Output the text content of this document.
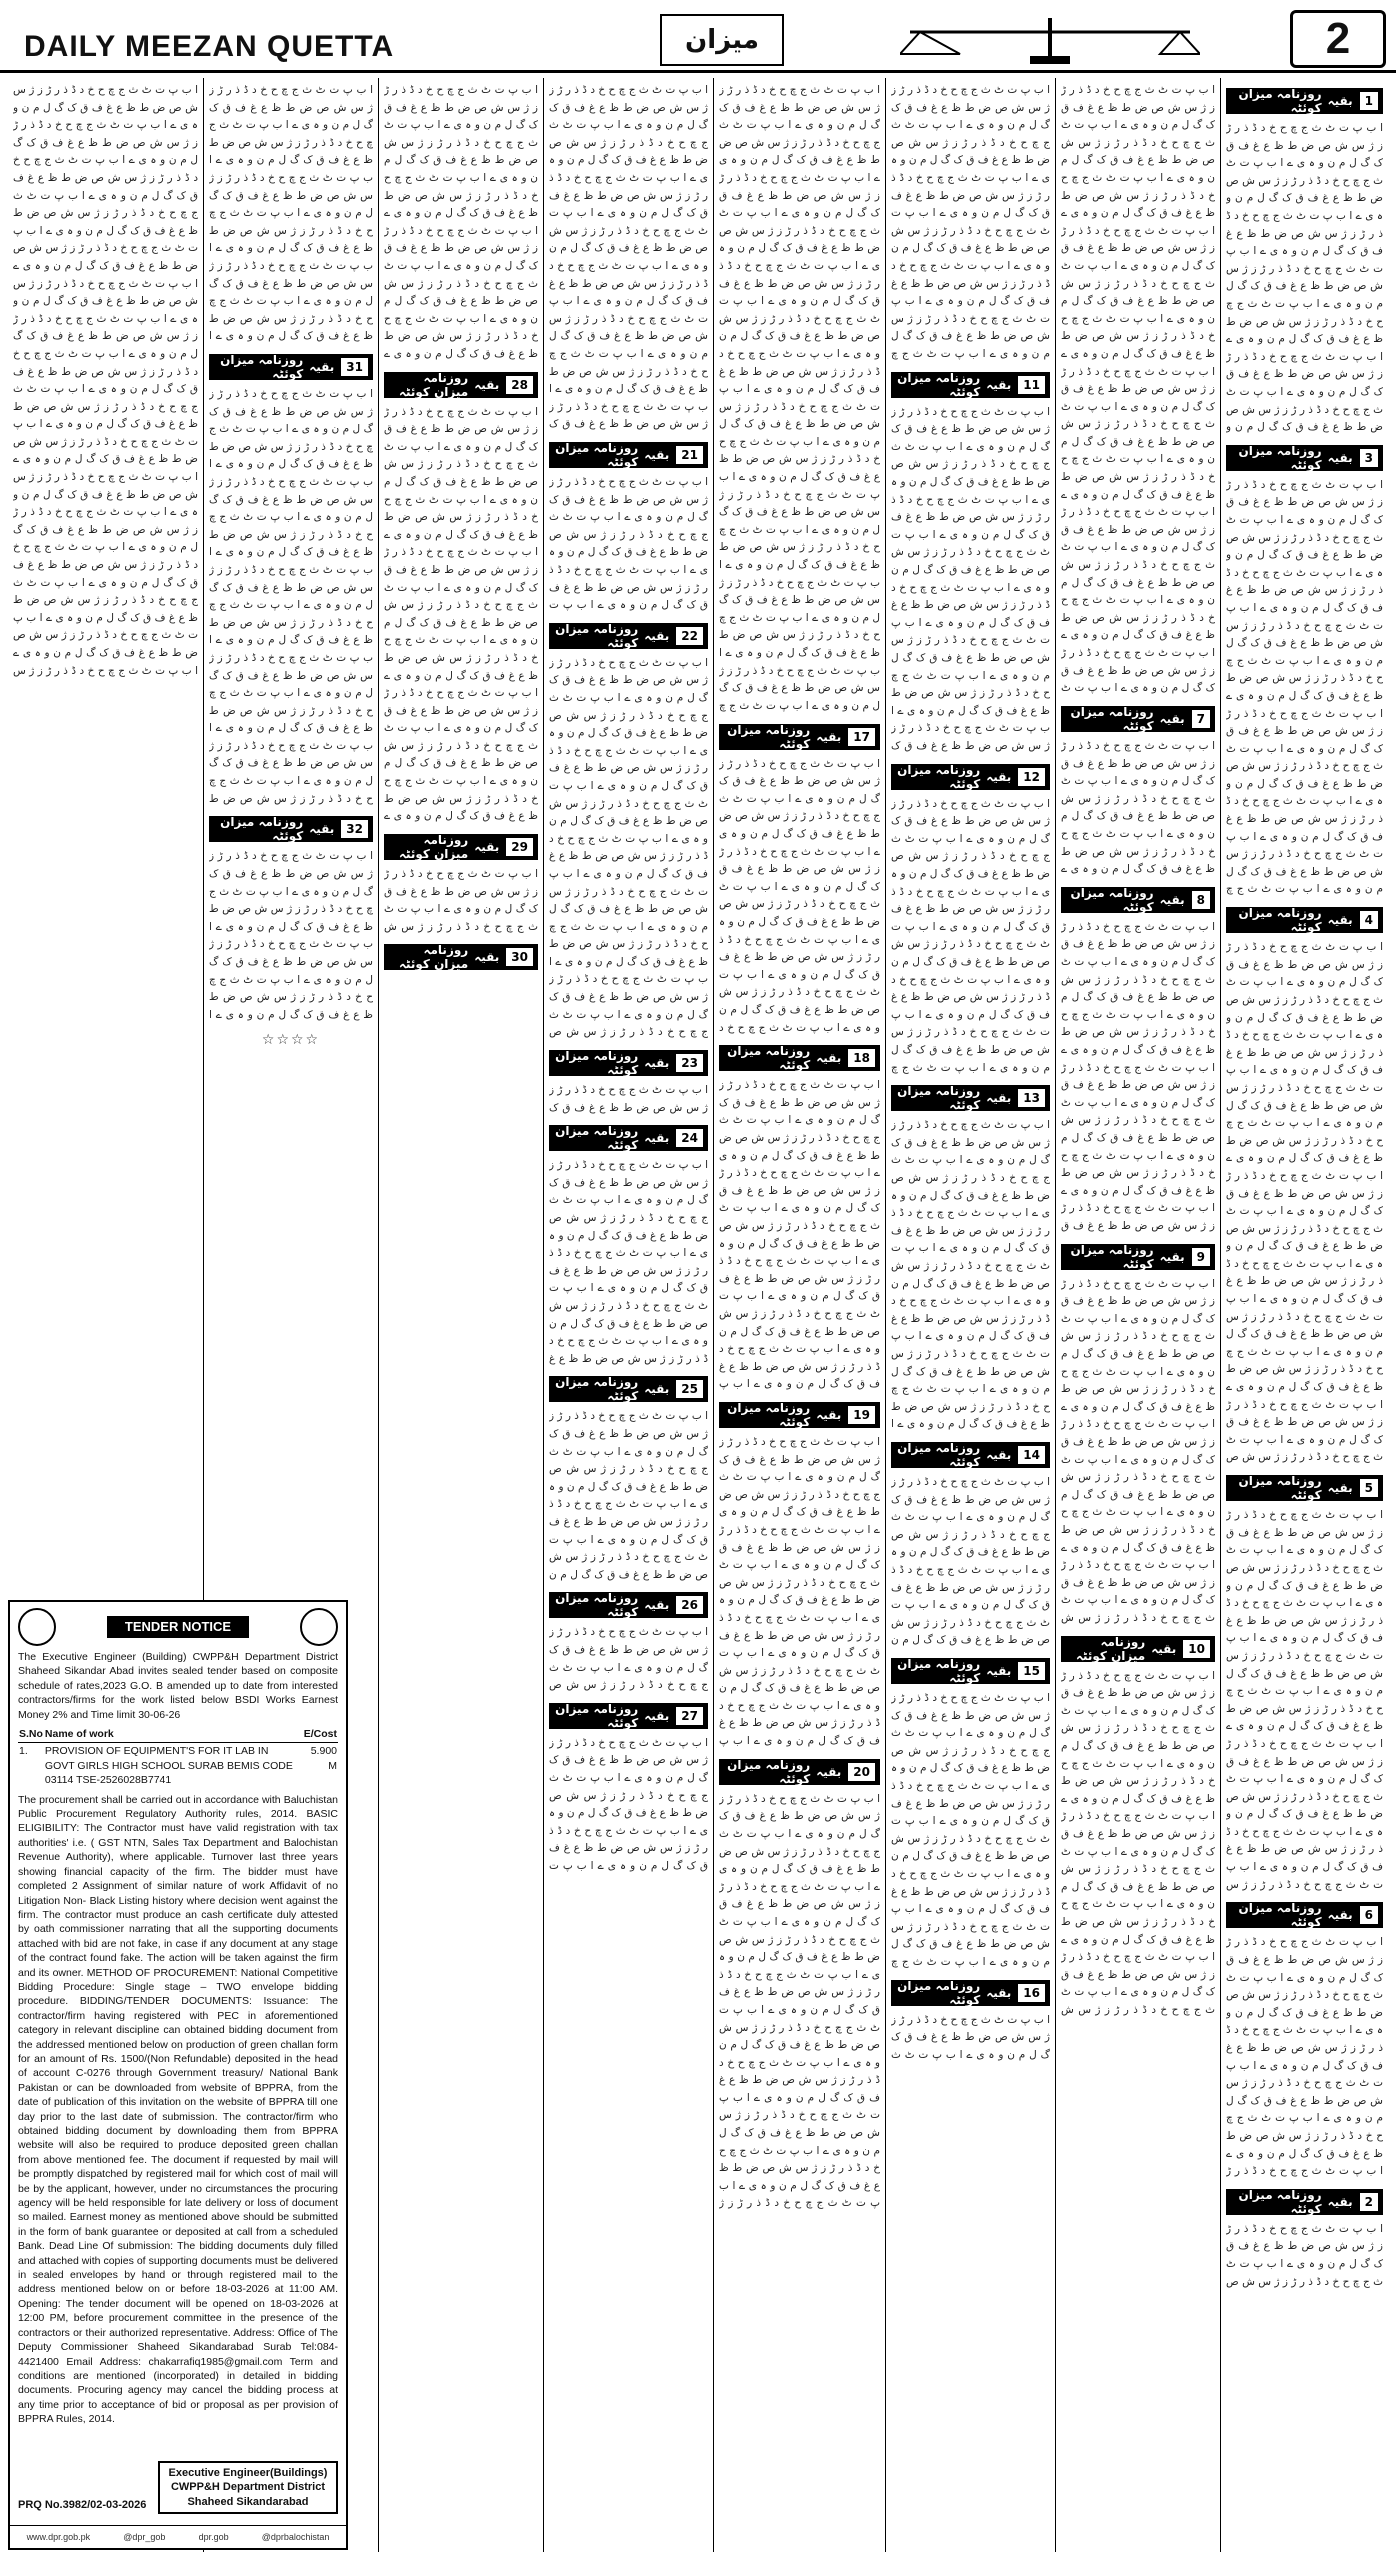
DAILY MEEZAN QUETTA	میزان	2
1
بقیہ
روزنامہ میزان کوئٹہ
ا ب پ ت ٹ ث ج چ ح خ د ڈ ذ ر ڑ ز ژ س ش ص ض ط ظ ع غ ف ق ک گ ل م ن و ہ ی ے ا ب پ ت ٹ ث ج چ ح خ د ڈ ذ ر ڑ ز ژ س ش ص ض ط ظ ع غ ف ق ک گ ل م ن و ہ ی ے ا ب پ ت ٹ ث ج چ ح خ د ڈ ذ ر ڑ ز ژ س ش ص ض ط ظ ع غ ف ق ک گ ل م ن و ہ ی ے ا ب پ ت ٹ ث ج چ ح خ د ڈ ذ ر ڑ ز ژ س ش ص ض ط ظ ع غ ف ق ک گ ل م ن و ہ ی ے ا ب پ ت ٹ ث ج چ ح خ د ڈ ذ ر ڑ ز ژ س ش ص ض ط ظ ع غ ف ق ک گ ل م ن و ہ ی ے ا ب پ ت ٹ ث ج چ ح خ د ڈ ذ ر ڑ ز ژ س ش ص ض ط ظ ع غ ف ق ک گ ل م ن و ہ ی ے ا ب پ ت ٹ ث ج چ ح خ د ڈ ذ ر ڑ ز ژ س ش ص ض ط ظ ع غ ف ق ک گ ل م ن و
3
بقیہ
روزنامہ میزان کوئٹہ
ا ب پ ت ٹ ث ج چ ح خ د ڈ ذ ر ڑ ز ژ س ش ص ض ط ظ ع غ ف ق ک گ ل م ن و ہ ی ے ا ب پ ت ٹ ث ج چ ح خ د ڈ ذ ر ڑ ز ژ س ش ص ض ط ظ ع غ ف ق ک گ ل م ن و ہ ی ے ا ب پ ت ٹ ث ج چ ح خ د ڈ ذ ر ڑ ز ژ س ش ص ض ط ظ ع غ ف ق ک گ ل م ن و ہ ی ے ا ب پ ت ٹ ث ج چ ح خ د ڈ ذ ر ڑ ز ژ س ش ص ض ط ظ ع غ ف ق ک گ ل م ن و ہ ی ے ا ب پ ت ٹ ث ج چ ح خ د ڈ ذ ر ڑ ز ژ س ش ص ض ط ظ ع غ ف ق ک گ ل م ن و ہ ی ے ا ب پ ت ٹ ث ج چ ح خ د ڈ ذ ر ڑ ز ژ س ش ص ض ط ظ ع غ ف ق ک گ ل م ن و ہ ی ے ا ب پ ت ٹ ث ج چ ح خ د ڈ ذ ر ڑ ز ژ س ش ص ض ط ظ ع غ ف ق ک گ ل م ن و ہ ی ے ا ب پ ت ٹ ث ج چ ح خ د ڈ ذ ر ڑ ز ژ س ش ص ض ط ظ ع غ ف ق ک گ ل م ن و ہ ی ے ا ب پ ت ٹ ث ج چ ح خ د ڈ ذ ر ڑ ز ژ س ش ص ض ط ظ ع غ ف ق ک گ ل م ن و ہ ی ے ا ب پ ت ٹ ث ج چ
4
بقیہ
روزنامہ میزان کوئٹہ
ا ب پ ت ٹ ث ج چ ح خ د ڈ ذ ر ڑ ز ژ س ش ص ض ط ظ ع غ ف ق ک گ ل م ن و ہ ی ے ا ب پ ت ٹ ث ج چ ح خ د ڈ ذ ر ڑ ز ژ س ش ص ض ط ظ ع غ ف ق ک گ ل م ن و ہ ی ے ا ب پ ت ٹ ث ج چ ح خ د ڈ ذ ر ڑ ز ژ س ش ص ض ط ظ ع غ ف ق ک گ ل م ن و ہ ی ے ا ب پ ت ٹ ث ج چ ح خ د ڈ ذ ر ڑ ز ژ س ش ص ض ط ظ ع غ ف ق ک گ ل م ن و ہ ی ے ا ب پ ت ٹ ث ج چ ح خ د ڈ ذ ر ڑ ز ژ س ش ص ض ط ظ ع غ ف ق ک گ ل م ن و ہ ی ے ا ب پ ت ٹ ث ج چ ح خ د ڈ ذ ر ڑ ز ژ س ش ص ض ط ظ ع غ ف ق ک گ ل م ن و ہ ی ے ا ب پ ت ٹ ث ج چ ح خ د ڈ ذ ر ڑ ز ژ س ش ص ض ط ظ ع غ ف ق ک گ ل م ن و ہ ی ے ا ب پ ت ٹ ث ج چ ح خ د ڈ ذ ر ڑ ز ژ س ش ص ض ط ظ ع غ ف ق ک گ ل م ن و ہ ی ے ا ب پ ت ٹ ث ج چ ح خ د ڈ ذ ر ڑ ز ژ س ش ص ض ط ظ ع غ ف ق ک گ ل م ن و ہ ی ے ا ب پ ت ٹ ث ج چ ح خ د ڈ ذ ر ڑ ز ژ س ش ص ض ط ظ ع غ ف ق ک گ ل م ن و ہ ی ے ا ب پ ت ٹ ث ج چ ح خ د ڈ ذ ر ڑ ز ژ س ش ص ض ط ظ ع غ ف ق ک گ ل م ن و ہ ی ے ا ب پ ت ٹ ث ج چ ح خ د ڈ ذ ر ڑ ز ژ س ش ص
5
بقیہ
روزنامہ میزان کوئٹہ
ا ب پ ت ٹ ث ج چ ح خ د ڈ ذ ر ڑ ز ژ س ش ص ض ط ظ ع غ ف ق ک گ ل م ن و ہ ی ے ا ب پ ت ٹ ث ج چ ح خ د ڈ ذ ر ڑ ز ژ س ش ص ض ط ظ ع غ ف ق ک گ ل م ن و ہ ی ے ا ب پ ت ٹ ث ج چ ح خ د ڈ ذ ر ڑ ز ژ س ش ص ض ط ظ ع غ ف ق ک گ ل م ن و ہ ی ے ا ب پ ت ٹ ث ج چ ح خ د ڈ ذ ر ڑ ز ژ س ش ص ض ط ظ ع غ ف ق ک گ ل م ن و ہ ی ے ا ب پ ت ٹ ث ج چ ح خ د ڈ ذ ر ڑ ز ژ س ش ص ض ط ظ ع غ ف ق ک گ ل م ن و ہ ی ے ا ب پ ت ٹ ث ج چ ح خ د ڈ ذ ر ڑ ز ژ س ش ص ض ط ظ ع غ ف ق ک گ ل م ن و ہ ی ے ا ب پ ت ٹ ث ج چ ح خ د ڈ ذ ر ڑ ز ژ س ش ص ض ط ظ ع غ ف ق ک گ ل م ن و ہ ی ے ا ب پ ت ٹ ث ج چ ح خ د ڈ ذ ر ڑ ز ژ س ش ص ض ط ظ ع غ ف ق ک گ ل م ن و ہ ی ے ا ب پ ت ٹ ث ج چ ح خ د ڈ ذ ر ڑ ز ژ س
6
بقیہ
روزنامہ میزان کوئٹہ
ا ب پ ت ٹ ث ج چ ح خ د ڈ ذ ر ڑ ز ژ س ش ص ض ط ظ ع غ ف ق ک گ ل م ن و ہ ی ے ا ب پ ت ٹ ث ج چ ح خ د ڈ ذ ر ڑ ز ژ س ش ص ض ط ظ ع غ ف ق ک گ ل م ن و ہ ی ے ا ب پ ت ٹ ث ج چ ح خ د ڈ ذ ر ڑ ز ژ س ش ص ض ط ظ ع غ ف ق ک گ ل م ن و ہ ی ے ا ب پ ت ٹ ث ج چ ح خ د ڈ ذ ر ڑ ز ژ س ش ص ض ط ظ ع غ ف ق ک گ ل م ن و ہ ی ے ا ب پ ت ٹ ث ج چ ح خ د ڈ ذ ر ڑ ز ژ س ش ص ض ط ظ ع غ ف ق ک گ ل م ن و ہ ی ے ا ب پ ت ٹ ث ج چ ح خ د ڈ ذ ر ڑ
2
بقیہ
روزنامہ میزان کوئٹہ
ا ب پ ت ٹ ث ج چ ح خ د ڈ ذ ر ڑ ز ژ س ش ص ض ط ظ ع غ ف ق ک گ ل م ن و ہ ی ے ا ب پ ت ٹ ث ج چ ح خ د ڈ ذ ر ڑ ز ژ س ش ص
ا ب پ ت ٹ ث ج چ ح خ د ڈ ذ ر ڑ ز ژ س ش ص ض ط ظ ع غ ف ق ک گ ل م ن و ہ ی ے ا ب پ ت ٹ ث ج چ ح خ د ڈ ذ ر ڑ ز ژ س ش ص ض ط ظ ع غ ف ق ک گ ل م ن و ہ ی ے ا ب پ ت ٹ ث ج چ ح خ د ڈ ذ ر ڑ ز ژ س ش ص ض ط ظ ع غ ف ق ک گ ل م ن و ہ ی ے ا ب پ ت ٹ ث ج چ ح خ د ڈ ذ ر ڑ ز ژ س ش ص ض ط ظ ع غ ف ق ک گ ل م ن و ہ ی ے ا ب پ ت ٹ ث ج چ ح خ د ڈ ذ ر ڑ ز ژ س ش ص ض ط ظ ع غ ف ق ک گ ل م ن و ہ ی ے ا ب پ ت ٹ ث ج چ ح خ د ڈ ذ ر ڑ ز ژ س ش ص ض ط ظ ع غ ف ق ک گ ل م ن و ہ ی ے ا ب پ ت ٹ ث ج چ ح خ د ڈ ذ ر ڑ ز ژ س ش ص ض ط ظ ع غ ف ق ک گ ل م ن و ہ ی ے ا ب پ ت ٹ ث ج چ ح خ د ڈ ذ ر ڑ ز ژ س ش ص ض ط ظ ع غ ف ق ک گ ل م ن و ہ ی ے ا ب پ ت ٹ ث ج چ ح خ د ڈ ذ ر ڑ ز ژ س ش ص ض ط ظ ع غ ف ق ک گ ل م ن و ہ ی ے ا ب پ ت ٹ ث ج چ ح خ د ڈ ذ ر ڑ ز ژ س ش ص ض ط ظ ع غ ف ق ک گ ل م ن و ہ ی ے ا ب پ ت ٹ ث ج چ ح خ د ڈ ذ ر ڑ ز ژ س ش ص ض ط ظ ع غ ف ق ک گ ل م ن و ہ ی ے ا ب پ ت ٹ ث ج چ ح خ د ڈ ذ ر ڑ ز ژ س ش ص ض ط ظ ع غ ف ق ک گ ل م ن و ہ ی ے ا ب پ ت ٹ ث ج چ ح خ د ڈ ذ ر ڑ ز ژ س ش ص ض ط ظ ع غ ف ق ک گ ل م ن و ہ ی ے ا ب پ ت ٹ
7
بقیہ
روزنامہ میزان کوئٹہ
ا ب پ ت ٹ ث ج چ ح خ د ڈ ذ ر ڑ ز ژ س ش ص ض ط ظ ع غ ف ق ک گ ل م ن و ہ ی ے ا ب پ ت ٹ ث ج چ ح خ د ڈ ذ ر ڑ ز ژ س ش ص ض ط ظ ع غ ف ق ک گ ل م ن و ہ ی ے ا ب پ ت ٹ ث ج چ ح خ د ڈ ذ ر ڑ ز ژ س ش ص ض ط ظ ع غ ف ق ک گ ل م ن و ہ ی ے
8
بقیہ
روزنامہ میزان کوئٹہ
ا ب پ ت ٹ ث ج چ ح خ د ڈ ذ ر ڑ ز ژ س ش ص ض ط ظ ع غ ف ق ک گ ل م ن و ہ ی ے ا ب پ ت ٹ ث ج چ ح خ د ڈ ذ ر ڑ ز ژ س ش ص ض ط ظ ع غ ف ق ک گ ل م ن و ہ ی ے ا ب پ ت ٹ ث ج چ ح خ د ڈ ذ ر ڑ ز ژ س ش ص ض ط ظ ع غ ف ق ک گ ل م ن و ہ ی ے ا ب پ ت ٹ ث ج چ ح خ د ڈ ذ ر ڑ ز ژ س ش ص ض ط ظ ع غ ف ق ک گ ل م ن و ہ ی ے ا ب پ ت ٹ ث ج چ ح خ د ڈ ذ ر ڑ ز ژ س ش ص ض ط ظ ع غ ف ق ک گ ل م ن و ہ ی ے ا ب پ ت ٹ ث ج چ ح خ د ڈ ذ ر ڑ ز ژ س ش ص ض ط ظ ع غ ف ق ک گ ل م ن و ہ ی ے ا ب پ ت ٹ ث ج چ ح خ د ڈ ذ ر ڑ ز ژ س ش ص ض ط ظ ع غ ف ق
9
بقیہ
روزنامہ میزان کوئٹہ
ا ب پ ت ٹ ث ج چ ح خ د ڈ ذ ر ڑ ز ژ س ش ص ض ط ظ ع غ ف ق ک گ ل م ن و ہ ی ے ا ب پ ت ٹ ث ج چ ح خ د ڈ ذ ر ڑ ز ژ س ش ص ض ط ظ ع غ ف ق ک گ ل م ن و ہ ی ے ا ب پ ت ٹ ث ج چ ح خ د ڈ ذ ر ڑ ز ژ س ش ص ض ط ظ ع غ ف ق ک گ ل م ن و ہ ی ے ا ب پ ت ٹ ث ج چ ح خ د ڈ ذ ر ڑ ز ژ س ش ص ض ط ظ ع غ ف ق ک گ ل م ن و ہ ی ے ا ب پ ت ٹ ث ج چ ح خ د ڈ ذ ر ڑ ز ژ س ش ص ض ط ظ ع غ ف ق ک گ ل م ن و ہ ی ے ا ب پ ت ٹ ث ج چ ح خ د ڈ ذ ر ڑ ز ژ س ش ص ض ط ظ ع غ ف ق ک گ ل م ن و ہ ی ے ا ب پ ت ٹ ث ج چ ح خ د ڈ ذ ر ڑ ز ژ س ش ص ض ط ظ ع غ ف ق ک گ ل م ن و ہ ی ے ا ب پ ت ٹ ث ج چ ح خ د ڈ ذ ر ڑ ز ژ س ش
10
بقیہ
روزنامہ میزان کوئٹہ
ا ب پ ت ٹ ث ج چ ح خ د ڈ ذ ر ڑ ز ژ س ش ص ض ط ظ ع غ ف ق ک گ ل م ن و ہ ی ے ا ب پ ت ٹ ث ج چ ح خ د ڈ ذ ر ڑ ز ژ س ش ص ض ط ظ ع غ ف ق ک گ ل م ن و ہ ی ے ا ب پ ت ٹ ث ج چ ح خ د ڈ ذ ر ڑ ز ژ س ش ص ض ط ظ ع غ ف ق ک گ ل م ن و ہ ی ے ا ب پ ت ٹ ث ج چ ح خ د ڈ ذ ر ڑ ز ژ س ش ص ض ط ظ ع غ ف ق ک گ ل م ن و ہ ی ے ا ب پ ت ٹ ث ج چ ح خ د ڈ ذ ر ڑ ز ژ س ش ص ض ط ظ ع غ ف ق ک گ ل م ن و ہ ی ے ا ب پ ت ٹ ث ج چ ح خ د ڈ ذ ر ڑ ز ژ س ش ص ض ط ظ ع غ ف ق ک گ ل م ن و ہ ی ے ا ب پ ت ٹ ث ج چ ح خ د ڈ ذ ر ڑ ز ژ س ش ص ض ط ظ ع غ ف ق ک گ ل م ن و ہ ی ے ا ب پ ت ٹ ث ج چ ح خ د ڈ ذ ر ڑ ز ژ س ش
ا ب پ ت ٹ ث ج چ ح خ د ڈ ذ ر ڑ ز ژ س ش ص ض ط ظ ع غ ف ق ک گ ل م ن و ہ ی ے ا ب پ ت ٹ ث ج چ ح خ د ڈ ذ ر ڑ ز ژ س ش ص ض ط ظ ع غ ف ق ک گ ل م ن و ہ ی ے ا ب پ ت ٹ ث ج چ ح خ د ڈ ذ ر ڑ ز ژ س ش ص ض ط ظ ع غ ف ق ک گ ل م ن و ہ ی ے ا ب پ ت ٹ ث ج چ ح خ د ڈ ذ ر ڑ ز ژ س ش ص ض ط ظ ع غ ف ق ک گ ل م ن و ہ ی ے ا ب پ ت ٹ ث ج چ ح خ د ڈ ذ ر ڑ ز ژ س ش ص ض ط ظ ع غ ف ق ک گ ل م ن و ہ ی ے ا ب پ ت ٹ ث ج چ ح خ د ڈ ذ ر ڑ ز ژ س ش ص ض ط ظ ع غ ف ق ک گ ل م ن و ہ ی ے ا ب پ ت ٹ ث ج چ
11
بقیہ
روزنامہ میزان کوئٹہ
ا ب پ ت ٹ ث ج چ ح خ د ڈ ذ ر ڑ ز ژ س ش ص ض ط ظ ع غ ف ق ک گ ل م ن و ہ ی ے ا ب پ ت ٹ ث ج چ ح خ د ڈ ذ ر ڑ ز ژ س ش ص ض ط ظ ع غ ف ق ک گ ل م ن و ہ ی ے ا ب پ ت ٹ ث ج چ ح خ د ڈ ذ ر ڑ ز ژ س ش ص ض ط ظ ع غ ف ق ک گ ل م ن و ہ ی ے ا ب پ ت ٹ ث ج چ ح خ د ڈ ذ ر ڑ ز ژ س ش ص ض ط ظ ع غ ف ق ک گ ل م ن و ہ ی ے ا ب پ ت ٹ ث ج چ ح خ د ڈ ذ ر ڑ ز ژ س ش ص ض ط ظ ع غ ف ق ک گ ل م ن و ہ ی ے ا ب پ ت ٹ ث ج چ ح خ د ڈ ذ ر ڑ ز ژ س ش ص ض ط ظ ع غ ف ق ک گ ل م ن و ہ ی ے ا ب پ ت ٹ ث ج چ ح خ د ڈ ذ ر ڑ ز ژ س ش ص ض ط ظ ع غ ف ق ک گ ل م ن و ہ ی ے ا ب پ ت ٹ ث ج چ ح خ د ڈ ذ ر ڑ ز ژ س ش ص ض ط ظ ع غ ف ق ک
12
بقیہ
روزنامہ میزان کوئٹہ
ا ب پ ت ٹ ث ج چ ح خ د ڈ ذ ر ڑ ز ژ س ش ص ض ط ظ ع غ ف ق ک گ ل م ن و ہ ی ے ا ب پ ت ٹ ث ج چ ح خ د ڈ ذ ر ڑ ز ژ س ش ص ض ط ظ ع غ ف ق ک گ ل م ن و ہ ی ے ا ب پ ت ٹ ث ج چ ح خ د ڈ ذ ر ڑ ز ژ س ش ص ض ط ظ ع غ ف ق ک گ ل م ن و ہ ی ے ا ب پ ت ٹ ث ج چ ح خ د ڈ ذ ر ڑ ز ژ س ش ص ض ط ظ ع غ ف ق ک گ ل م ن و ہ ی ے ا ب پ ت ٹ ث ج چ ح خ د ڈ ذ ر ڑ ز ژ س ش ص ض ط ظ ع غ ف ق ک گ ل م ن و ہ ی ے ا ب پ ت ٹ ث ج چ ح خ د ڈ ذ ر ڑ ز ژ س ش ص ض ط ظ ع غ ف ق ک گ ل م ن و ہ ی ے ا ب پ ت ٹ ث ج چ
13
بقیہ
روزنامہ میزان کوئٹہ
ا ب پ ت ٹ ث ج چ ح خ د ڈ ذ ر ڑ ز ژ س ش ص ض ط ظ ع غ ف ق ک گ ل م ن و ہ ی ے ا ب پ ت ٹ ث ج چ ح خ د ڈ ذ ر ڑ ز ژ س ش ص ض ط ظ ع غ ف ق ک گ ل م ن و ہ ی ے ا ب پ ت ٹ ث ج چ ح خ د ڈ ذ ر ڑ ز ژ س ش ص ض ط ظ ع غ ف ق ک گ ل م ن و ہ ی ے ا ب پ ت ٹ ث ج چ ح خ د ڈ ذ ر ڑ ز ژ س ش ص ض ط ظ ع غ ف ق ک گ ل م ن و ہ ی ے ا ب پ ت ٹ ث ج چ ح خ د ڈ ذ ر ڑ ز ژ س ش ص ض ط ظ ع غ ف ق ک گ ل م ن و ہ ی ے ا ب پ ت ٹ ث ج چ ح خ د ڈ ذ ر ڑ ز ژ س ش ص ض ط ظ ع غ ف ق ک گ ل م ن و ہ ی ے ا ب پ ت ٹ ث ج چ ح خ د ڈ ذ ر ڑ ز ژ س ش ص ض ط ظ ع غ ف ق ک گ ل م ن و ہ ی ے ا
14
بقیہ
روزنامہ میزان کوئٹہ
ا ب پ ت ٹ ث ج چ ح خ د ڈ ذ ر ڑ ز ژ س ش ص ض ط ظ ع غ ف ق ک گ ل م ن و ہ ی ے ا ب پ ت ٹ ث ج چ ح خ د ڈ ذ ر ڑ ز ژ س ش ص ض ط ظ ع غ ف ق ک گ ل م ن و ہ ی ے ا ب پ ت ٹ ث ج چ ح خ د ڈ ذ ر ڑ ز ژ س ش ص ض ط ظ ع غ ف ق ک گ ل م ن و ہ ی ے ا ب پ ت ٹ ث ج چ ح خ د ڈ ذ ر ڑ ز ژ س ش ص ض ط ظ ع غ ف ق ک گ ل م ن
15
بقیہ
روزنامہ میزان کوئٹہ
ا ب پ ت ٹ ث ج چ ح خ د ڈ ذ ر ڑ ز ژ س ش ص ض ط ظ ع غ ف ق ک گ ل م ن و ہ ی ے ا ب پ ت ٹ ث ج چ ح خ د ڈ ذ ر ڑ ز ژ س ش ص ض ط ظ ع غ ف ق ک گ ل م ن و ہ ی ے ا ب پ ت ٹ ث ج چ ح خ د ڈ ذ ر ڑ ز ژ س ش ص ض ط ظ ع غ ف ق ک گ ل م ن و ہ ی ے ا ب پ ت ٹ ث ج چ ح خ د ڈ ذ ر ڑ ز ژ س ش ص ض ط ظ ع غ ف ق ک گ ل م ن و ہ ی ے ا ب پ ت ٹ ث ج چ ح خ د ڈ ذ ر ڑ ز ژ س ش ص ض ط ظ ع غ ف ق ک گ ل م ن و ہ ی ے ا ب پ ت ٹ ث ج چ ح خ د ڈ ذ ر ڑ ز ژ س ش ص ض ط ظ ع غ ف ق ک گ ل م ن و ہ ی ے ا ب پ ت ٹ ث ج چ
16
بقیہ
روزنامہ میزان کوئٹہ
ا ب پ ت ٹ ث ج چ ح خ د ڈ ذ ر ڑ ز ژ س ش ص ض ط ظ ع غ ف ق ک گ ل م ن و ہ ی ے ا ب پ ت ٹ ث
ا ب پ ت ٹ ث ج چ ح خ د ڈ ذ ر ڑ ز ژ س ش ص ض ط ظ ع غ ف ق ک گ ل م ن و ہ ی ے ا ب پ ت ٹ ث ج چ ح خ د ڈ ذ ر ڑ ز ژ س ش ص ض ط ظ ع غ ف ق ک گ ل م ن و ہ ی ے ا ب پ ت ٹ ث ج چ ح خ د ڈ ذ ر ڑ ز ژ س ش ص ض ط ظ ع غ ف ق ک گ ل م ن و ہ ی ے ا ب پ ت ٹ ث ج چ ح خ د ڈ ذ ر ڑ ز ژ س ش ص ض ط ظ ع غ ف ق ک گ ل م ن و ہ ی ے ا ب پ ت ٹ ث ج چ ح خ د ڈ ذ ر ڑ ز ژ س ش ص ض ط ظ ع غ ف ق ک گ ل م ن و ہ ی ے ا ب پ ت ٹ ث ج چ ح خ د ڈ ذ ر ڑ ز ژ س ش ص ض ط ظ ع غ ف ق ک گ ل م ن و ہ ی ے ا ب پ ت ٹ ث ج چ ح خ د ڈ ذ ر ڑ ز ژ س ش ص ض ط ظ ع غ ف ق ک گ ل م ن و ہ ی ے ا ب پ ت ٹ ث ج چ ح خ د ڈ ذ ر ڑ ز ژ س ش ص ض ط ظ ع غ ف ق ک گ ل م ن و ہ ی ے ا ب پ ت ٹ ث ج چ ح خ د ڈ ذ ر ڑ ز ژ س ش ص ض ط ظ ع غ ف ق ک گ ل م ن و ہ ی ے ا ب پ ت ٹ ث ج چ ح خ د ڈ ذ ر ڑ ز ژ س ش ص ض ط ظ ع غ ف ق ک گ ل م ن و ہ ی ے ا ب پ ت ٹ ث ج چ ح خ د ڈ ذ ر ڑ ز ژ س ش ص ض ط ظ ع غ ف ق ک گ ل م ن و ہ ی ے ا ب پ ت ٹ ث ج چ ح خ د ڈ ذ ر ڑ ز ژ س ش ص ض ط ظ ع غ ف ق ک گ ل م ن و ہ ی ے ا ب پ ت ٹ ث ج چ ح خ د ڈ ذ ر ڑ ز ژ س ش ص ض ط ظ ع غ ف ق ک گ ل م ن و ہ ی ے ا ب پ ت ٹ ث ج چ ح خ د ڈ ذ ر ڑ ز ژ س ش ص ض ط ظ ع غ ف ق ک گ ل م ن و ہ ی ے ا ب پ ت ٹ ث ج چ
17
بقیہ
روزنامہ میزان کوئٹہ
ا ب پ ت ٹ ث ج چ ح خ د ڈ ذ ر ڑ ز ژ س ش ص ض ط ظ ع غ ف ق ک گ ل م ن و ہ ی ے ا ب پ ت ٹ ث ج چ ح خ د ڈ ذ ر ڑ ز ژ س ش ص ض ط ظ ع غ ف ق ک گ ل م ن و ہ ی ے ا ب پ ت ٹ ث ج چ ح خ د ڈ ذ ر ڑ ز ژ س ش ص ض ط ظ ع غ ف ق ک گ ل م ن و ہ ی ے ا ب پ ت ٹ ث ج چ ح خ د ڈ ذ ر ڑ ز ژ س ش ص ض ط ظ ع غ ف ق ک گ ل م ن و ہ ی ے ا ب پ ت ٹ ث ج چ ح خ د ڈ ذ ر ڑ ز ژ س ش ص ض ط ظ ع غ ف ق ک گ ل م ن و ہ ی ے ا ب پ ت ٹ ث ج چ ح خ د ڈ ذ ر ڑ ز ژ س ش ص ض ط ظ ع غ ف ق ک گ ل م ن و ہ ی ے ا ب پ ت ٹ ث ج چ ح خ د
18
بقیہ
روزنامہ میزان کوئٹہ
ا ب پ ت ٹ ث ج چ ح خ د ڈ ذ ر ڑ ز ژ س ش ص ض ط ظ ع غ ف ق ک گ ل م ن و ہ ی ے ا ب پ ت ٹ ث ج چ ح خ د ڈ ذ ر ڑ ز ژ س ش ص ض ط ظ ع غ ف ق ک گ ل م ن و ہ ی ے ا ب پ ت ٹ ث ج چ ح خ د ڈ ذ ر ڑ ز ژ س ش ص ض ط ظ ع غ ف ق ک گ ل م ن و ہ ی ے ا ب پ ت ٹ ث ج چ ح خ د ڈ ذ ر ڑ ز ژ س ش ص ض ط ظ ع غ ف ق ک گ ل م ن و ہ ی ے ا ب پ ت ٹ ث ج چ ح خ د ڈ ذ ر ڑ ز ژ س ش ص ض ط ظ ع غ ف ق ک گ ل م ن و ہ ی ے ا ب پ ت ٹ ث ج چ ح خ د ڈ ذ ر ڑ ز ژ س ش ص ض ط ظ ع غ ف ق ک گ ل م ن و ہ ی ے ا ب پ ت ٹ ث ج چ ح خ د ڈ ذ ر ڑ ز ژ س ش ص ض ط ظ ع غ ف ق ک گ ل م ن و ہ ی ے ا ب پ
19
بقیہ
روزنامہ میزان کوئٹہ
ا ب پ ت ٹ ث ج چ ح خ د ڈ ذ ر ڑ ز ژ س ش ص ض ط ظ ع غ ف ق ک گ ل م ن و ہ ی ے ا ب پ ت ٹ ث ج چ ح خ د ڈ ذ ر ڑ ز ژ س ش ص ض ط ظ ع غ ف ق ک گ ل م ن و ہ ی ے ا ب پ ت ٹ ث ج چ ح خ د ڈ ذ ر ڑ ز ژ س ش ص ض ط ظ ع غ ف ق ک گ ل م ن و ہ ی ے ا ب پ ت ٹ ث ج چ ح خ د ڈ ذ ر ڑ ز ژ س ش ص ض ط ظ ع غ ف ق ک گ ل م ن و ہ ی ے ا ب پ ت ٹ ث ج چ ح خ د ڈ ذ ر ڑ ز ژ س ش ص ض ط ظ ع غ ف ق ک گ ل م ن و ہ ی ے ا ب پ ت ٹ ث ج چ ح خ د ڈ ذ ر ڑ ز ژ س ش ص ض ط ظ ع غ ف ق ک گ ل م ن و ہ ی ے ا ب پ ت ٹ ث ج چ ح خ د ڈ ذ ر ڑ ز ژ س ش ص ض ط ظ ع غ ف ق ک گ ل م ن و ہ ی ے ا ب پ
20
بقیہ
روزنامہ میزان کوئٹہ
ا ب پ ت ٹ ث ج چ ح خ د ڈ ذ ر ڑ ز ژ س ش ص ض ط ظ ع غ ف ق ک گ ل م ن و ہ ی ے ا ب پ ت ٹ ث ج چ ح خ د ڈ ذ ر ڑ ز ژ س ش ص ض ط ظ ع غ ف ق ک گ ل م ن و ہ ی ے ا ب پ ت ٹ ث ج چ ح خ د ڈ ذ ر ڑ ز ژ س ش ص ض ط ظ ع غ ف ق ک گ ل م ن و ہ ی ے ا ب پ ت ٹ ث ج چ ح خ د ڈ ذ ر ڑ ز ژ س ش ص ض ط ظ ع غ ف ق ک گ ل م ن و ہ ی ے ا ب پ ت ٹ ث ج چ ح خ د ڈ ذ ر ڑ ز ژ س ش ص ض ط ظ ع غ ف ق ک گ ل م ن و ہ ی ے ا ب پ ت ٹ ث ج چ ح خ د ڈ ذ ر ڑ ز ژ س ش ص ض ط ظ ع غ ف ق ک گ ل م ن و ہ ی ے ا ب پ ت ٹ ث ج چ ح خ د ڈ ذ ر ڑ ز ژ س ش ص ض ط ظ ع غ ف ق ک گ ل م ن و ہ ی ے ا ب پ ت ٹ ث ج چ ح خ د ڈ ذ ر ڑ ز ژ س ش ص ض ط ظ ع غ ف ق ک گ ل م ن و ہ ی ے ا ب پ ت ٹ ث ج چ ح خ د ڈ ذ ر ڑ ز ژ س ش ص ض ط ظ ع غ ف ق ک گ ل م ن و ہ ی ے ا ب پ ت ٹ ث ج چ ح خ د ڈ ذ ر ڑ ز ژ
ا ب پ ت ٹ ث ج چ ح خ د ڈ ذ ر ڑ ز ژ س ش ص ض ط ظ ع غ ف ق ک گ ل م ن و ہ ی ے ا ب پ ت ٹ ث ج چ ح خ د ڈ ذ ر ڑ ز ژ س ش ص ض ط ظ ع غ ف ق ک گ ل م ن و ہ ی ے ا ب پ ت ٹ ث ج چ ح خ د ڈ ذ ر ڑ ز ژ س ش ص ض ط ظ ع غ ف ق ک گ ل م ن و ہ ی ے ا ب پ ت ٹ ث ج چ ح خ د ڈ ذ ر ڑ ز ژ س ش ص ض ط ظ ع غ ف ق ک گ ل م ن و ہ ی ے ا ب پ ت ٹ ث ج چ ح خ د ڈ ذ ر ڑ ز ژ س ش ص ض ط ظ ع غ ف ق ک گ ل م ن و ہ ی ے ا ب پ ت ٹ ث ج چ ح خ د ڈ ذ ر ڑ ز ژ س ش ص ض ط ظ ع غ ف ق ک گ ل م ن و ہ ی ے ا ب پ ت ٹ ث ج چ ح خ د ڈ ذ ر ڑ ز ژ س ش ص ض ط ظ ع غ ف ق ک گ ل م ن و ہ ی ے ا ب پ ت ٹ ث ج چ ح خ د ڈ ذ ر ڑ ز ژ س ش ص ض ط ظ ع غ ف ق ک
21
بقیہ
روزنامہ میزان کوئٹہ
ا ب پ ت ٹ ث ج چ ح خ د ڈ ذ ر ڑ ز ژ س ش ص ض ط ظ ع غ ف ق ک گ ل م ن و ہ ی ے ا ب پ ت ٹ ث ج چ ح خ د ڈ ذ ر ڑ ز ژ س ش ص ض ط ظ ع غ ف ق ک گ ل م ن و ہ ی ے ا ب پ ت ٹ ث ج چ ح خ د ڈ ذ ر ڑ ز ژ س ش ص ض ط ظ ع غ ف ق ک گ ل م ن و ہ ی ے ا ب پ ت
22
بقیہ
روزنامہ میزان کوئٹہ
ا ب پ ت ٹ ث ج چ ح خ د ڈ ذ ر ڑ ز ژ س ش ص ض ط ظ ع غ ف ق ک گ ل م ن و ہ ی ے ا ب پ ت ٹ ث ج چ ح خ د ڈ ذ ر ڑ ز ژ س ش ص ض ط ظ ع غ ف ق ک گ ل م ن و ہ ی ے ا ب پ ت ٹ ث ج چ ح خ د ڈ ذ ر ڑ ز ژ س ش ص ض ط ظ ع غ ف ق ک گ ل م ن و ہ ی ے ا ب پ ت ٹ ث ج چ ح خ د ڈ ذ ر ڑ ز ژ س ش ص ض ط ظ ع غ ف ق ک گ ل م ن و ہ ی ے ا ب پ ت ٹ ث ج چ ح خ د ڈ ذ ر ڑ ز ژ س ش ص ض ط ظ ع غ ف ق ک گ ل م ن و ہ ی ے ا ب پ ت ٹ ث ج چ ح خ د ڈ ذ ر ڑ ز ژ س ش ص ض ط ظ ع غ ف ق ک گ ل م ن و ہ ی ے ا ب پ ت ٹ ث ج چ ح خ د ڈ ذ ر ڑ ز ژ س ش ص ض ط ظ ع غ ف ق ک گ ل م ن و ہ ی ے ا ب پ ت ٹ ث ج چ ح خ د ڈ ذ ر ڑ ز ژ س ش ص ض ط ظ ع غ ف ق ک گ ل م ن و ہ ی ے ا ب پ ت ٹ ث ج چ ح خ د ڈ ذ ر ڑ ز ژ س ش ص
23
بقیہ
روزنامہ میزان کوئٹہ
ا ب پ ت ٹ ث ج چ ح خ د ڈ ذ ر ڑ ز ژ س ش ص ض ط ظ ع غ ف ق ک
24
بقیہ
روزنامہ میزان کوئٹہ
ا ب پ ت ٹ ث ج چ ح خ د ڈ ذ ر ڑ ز ژ س ش ص ض ط ظ ع غ ف ق ک گ ل م ن و ہ ی ے ا ب پ ت ٹ ث ج چ ح خ د ڈ ذ ر ڑ ز ژ س ش ص ض ط ظ ع غ ف ق ک گ ل م ن و ہ ی ے ا ب پ ت ٹ ث ج چ ح خ د ڈ ذ ر ڑ ز ژ س ش ص ض ط ظ ع غ ف ق ک گ ل م ن و ہ ی ے ا ب پ ت ٹ ث ج چ ح خ د ڈ ذ ر ڑ ز ژ س ش ص ض ط ظ ع غ ف ق ک گ ل م ن و ہ ی ے ا ب پ ت ٹ ث ج چ ح خ د ڈ ذ ر ڑ ز ژ س ش ص ض ط ظ ع غ
25
بقیہ
روزنامہ میزان کوئٹہ
ا ب پ ت ٹ ث ج چ ح خ د ڈ ذ ر ڑ ز ژ س ش ص ض ط ظ ع غ ف ق ک گ ل م ن و ہ ی ے ا ب پ ت ٹ ث ج چ ح خ د ڈ ذ ر ڑ ز ژ س ش ص ض ط ظ ع غ ف ق ک گ ل م ن و ہ ی ے ا ب پ ت ٹ ث ج چ ح خ د ڈ ذ ر ڑ ز ژ س ش ص ض ط ظ ع غ ف ق ک گ ل م ن و ہ ی ے ا ب پ ت ٹ ث ج چ ح خ د ڈ ذ ر ڑ ز ژ س ش ص ض ط ظ ع غ ف ق ک گ ل م ن
26
بقیہ
روزنامہ میزان کوئٹہ
ا ب پ ت ٹ ث ج چ ح خ د ڈ ذ ر ڑ ز ژ س ش ص ض ط ظ ع غ ف ق ک گ ل م ن و ہ ی ے ا ب پ ت ٹ ث ج چ ح خ د ڈ ذ ر ڑ ز ژ س ش ص
27
بقیہ
روزنامہ میزان کوئٹہ
ا ب پ ت ٹ ث ج چ ح خ د ڈ ذ ر ڑ ز ژ س ش ص ض ط ظ ع غ ف ق ک گ ل م ن و ہ ی ے ا ب پ ت ٹ ث ج چ ح خ د ڈ ذ ر ڑ ز ژ س ش ص ض ط ظ ع غ ف ق ک گ ل م ن و ہ ی ے ا ب پ ت ٹ ث ج چ ح خ د ڈ ذ ر ڑ ز ژ س ش ص ض ط ظ ع غ ف ق ک گ ل م ن و ہ ی ے ا ب پ ت
ا ب پ ت ٹ ث ج چ ح خ د ڈ ذ ر ڑ ز ژ س ش ص ض ط ظ ع غ ف ق ک گ ل م ن و ہ ی ے ا ب پ ت ٹ ث ج چ ح خ د ڈ ذ ر ڑ ز ژ س ش ص ض ط ظ ع غ ف ق ک گ ل م ن و ہ ی ے ا ب پ ت ٹ ث ج چ ح خ د ڈ ذ ر ڑ ز ژ س ش ص ض ط ظ ع غ ف ق ک گ ل م ن و ہ ی ے ا ب پ ت ٹ ث ج چ ح خ د ڈ ذ ر ڑ ز ژ س ش ص ض ط ظ ع غ ف ق ک گ ل م ن و ہ ی ے ا ب پ ت ٹ ث ج چ ح خ د ڈ ذ ر ڑ ز ژ س ش ص ض ط ظ ع غ ف ق ک گ ل م ن و ہ ی ے ا ب پ ت ٹ ث ج چ ح خ د ڈ ذ ر ڑ ز ژ س ش ص ض ط ظ ع غ ف ق ک گ ل م ن و ہ ی ے
28
بقیہ
روزنامہ میزان کوئٹہ
ا ب پ ت ٹ ث ج چ ح خ د ڈ ذ ر ڑ ز ژ س ش ص ض ط ظ ع غ ف ق ک گ ل م ن و ہ ی ے ا ب پ ت ٹ ث ج چ ح خ د ڈ ذ ر ڑ ز ژ س ش ص ض ط ظ ع غ ف ق ک گ ل م ن و ہ ی ے ا ب پ ت ٹ ث ج چ ح خ د ڈ ذ ر ڑ ز ژ س ش ص ض ط ظ ع غ ف ق ک گ ل م ن و ہ ی ے ا ب پ ت ٹ ث ج چ ح خ د ڈ ذ ر ڑ ز ژ س ش ص ض ط ظ ع غ ف ق ک گ ل م ن و ہ ی ے ا ب پ ت ٹ ث ج چ ح خ د ڈ ذ ر ڑ ز ژ س ش ص ض ط ظ ع غ ف ق ک گ ل م ن و ہ ی ے ا ب پ ت ٹ ث ج چ ح خ د ڈ ذ ر ڑ ز ژ س ش ص ض ط ظ ع غ ف ق ک گ ل م ن و ہ ی ے ا ب پ ت ٹ ث ج چ ح خ د ڈ ذ ر ڑ ز ژ س ش ص ض ط ظ ع غ ف ق ک گ ل م ن و ہ ی ے ا ب پ ت ٹ ث ج چ ح خ د ڈ ذ ر ڑ ز ژ س ش ص ض ط ظ ع غ ف ق ک گ ل م ن و ہ ی ے ا ب پ ت ٹ ث ج چ ح خ د ڈ ذ ر ڑ ز ژ س ش ص ض ط ظ ع غ ف ق ک گ ل م ن و ہ ی ے
29
بقیہ
روزنامہ میزان کوئٹہ
ا ب پ ت ٹ ث ج چ ح خ د ڈ ذ ر ڑ ز ژ س ش ص ض ط ظ ع غ ف ق ک گ ل م ن و ہ ی ے ا ب پ ت ٹ ث ج چ ح خ د ڈ ذ ر ڑ ز ژ س ش
30
بقیہ
روزنامہ میزان کوئٹہ
ا ب پ ت ٹ ث ج چ ح خ د ڈ ذ ر ڑ ز ژ س ش ص ض ط ظ ع غ ف ق ک گ ل م ن و ہ ی ے ا ب پ ت ٹ ث ج چ ح خ د ڈ ذ ر ڑ ز ژ س ش ص ض ط ظ ع غ ف ق ک گ ل م ن و ہ ی ے ا ب پ ت ٹ ث ج چ ح خ د ڈ ذ ر ڑ ز ژ س ش ص ض ط ظ ع غ ف ق ک گ ل م ن و ہ ی ے ا ب پ ت ٹ ث ج چ ح خ د ڈ ذ ر ڑ ز ژ س ش ص ض ط ظ ع غ ف ق ک گ ل م ن و ہ ی ے ا ب پ ت ٹ ث ج چ ح خ د ڈ ذ ر ڑ ز ژ س ش ص ض ط ظ ع غ ف ق ک گ ل م ن و ہ ی ے ا ب پ ت ٹ ث ج چ ح خ د ڈ ذ ر ڑ ز ژ س ش ص ض ط ظ ع غ ف ق ک گ ل م ن و ہ ی ے ا
31
بقیہ
روزنامہ میزان کوئٹہ
ا ب پ ت ٹ ث ج چ ح خ د ڈ ذ ر ڑ ز ژ س ش ص ض ط ظ ع غ ف ق ک گ ل م ن و ہ ی ے ا ب پ ت ٹ ث ج چ ح خ د ڈ ذ ر ڑ ز ژ س ش ص ض ط ظ ع غ ف ق ک گ ل م ن و ہ ی ے ا ب پ ت ٹ ث ج چ ح خ د ڈ ذ ر ڑ ز ژ س ش ص ض ط ظ ع غ ف ق ک گ ل م ن و ہ ی ے ا ب پ ت ٹ ث ج چ ح خ د ڈ ذ ر ڑ ز ژ س ش ص ض ط ظ ع غ ف ق ک گ ل م ن و ہ ی ے ا ب پ ت ٹ ث ج چ ح خ د ڈ ذ ر ڑ ز ژ س ش ص ض ط ظ ع غ ف ق ک گ ل م ن و ہ ی ے ا ب پ ت ٹ ث ج چ ح خ د ڈ ذ ر ڑ ز ژ س ش ص ض ط ظ ع غ ف ق ک گ ل م ن و ہ ی ے ا ب پ ت ٹ ث ج چ ح خ د ڈ ذ ر ڑ ز ژ س ش ص ض ط ظ ع غ ف ق ک گ ل م ن و ہ ی ے ا ب پ ت ٹ ث ج چ ح خ د ڈ ذ ر ڑ ز ژ س ش ص ض ط ظ ع غ ف ق ک گ ل م ن و ہ ی ے ا ب پ ت ٹ ث ج چ ح خ د ڈ ذ ر ڑ ز ژ س ش ص ض ط ظ ع غ ف ق ک گ ل م ن و ہ ی ے ا ب پ ت ٹ ث ج چ ح خ د ڈ ذ ر ڑ ز ژ س ش ص ض ط
32
بقیہ
روزنامہ میزان کوئٹہ
ا ب پ ت ٹ ث ج چ ح خ د ڈ ذ ر ڑ ز ژ س ش ص ض ط ظ ع غ ف ق ک گ ل م ن و ہ ی ے ا ب پ ت ٹ ث ج چ ح خ د ڈ ذ ر ڑ ز ژ س ش ص ض ط ظ ع غ ف ق ک گ ل م ن و ہ ی ے ا ب پ ت ٹ ث ج چ ح خ د ڈ ذ ر ڑ ز ژ س ش ص ض ط ظ ع غ ف ق ک گ ل م ن و ہ ی ے ا ب پ ت ٹ ث ج چ ح خ د ڈ ذ ر ڑ ز ژ س ش ص ض ط ظ ع غ ف ق ک گ ل م ن و ہ ی ے ا
☆☆☆☆
ا ب پ ت ٹ ث ج چ ح خ د ڈ ذ ر ڑ ز ژ س ش ص ض ط ظ ع غ ف ق ک گ ل م ن و ہ ی ے ا ب پ ت ٹ ث ج چ ح خ د ڈ ذ ر ڑ ز ژ س ش ص ض ط ظ ع غ ف ق ک گ ل م ن و ہ ی ے ا ب پ ت ٹ ث ج چ ح خ د ڈ ذ ر ڑ ز ژ س ش ص ض ط ظ ع غ ف ق ک گ ل م ن و ہ ی ے ا ب پ ت ٹ ث ج چ ح خ د ڈ ذ ر ڑ ز ژ س ش ص ض ط ظ ع غ ف ق ک گ ل م ن و ہ ی ے ا ب پ ت ٹ ث ج چ ح خ د ڈ ذ ر ڑ ز ژ س ش ص ض ط ظ ع غ ف ق ک گ ل م ن و ہ ی ے ا ب پ ت ٹ ث ج چ ح خ د ڈ ذ ر ڑ ز ژ س ش ص ض ط ظ ع غ ف ق ک گ ل م ن و ہ ی ے ا ب پ ت ٹ ث ج چ ح خ د ڈ ذ ر ڑ ز ژ س ش ص ض ط ظ ع غ ف ق ک گ ل م ن و ہ ی ے ا ب پ ت ٹ ث ج چ ح خ د ڈ ذ ر ڑ ز ژ س ش ص ض ط ظ ع غ ف ق ک گ ل م ن و ہ ی ے ا ب پ ت ٹ ث ج چ ح خ د ڈ ذ ر ڑ ز ژ س ش ص ض ط ظ ع غ ف ق ک گ ل م ن و ہ ی ے ا ب پ ت ٹ ث ج چ ح خ د ڈ ذ ر ڑ ز ژ س ش ص ض ط ظ ع غ ف ق ک گ ل م ن و ہ ی ے ا ب پ ت ٹ ث ج چ ح خ د ڈ ذ ر ڑ ز ژ س ش ص ض ط ظ ع غ ف ق ک گ ل م ن و ہ ی ے ا ب پ ت ٹ ث ج چ ح خ د ڈ ذ ر ڑ ز ژ س ش ص ض ط ظ ع غ ف ق ک گ ل م ن و ہ ی ے ا ب پ ت ٹ ث ج چ ح خ د ڈ ذ ر ڑ ز ژ س ش ص ض ط ظ ع غ ف ق ک گ ل م ن و ہ ی ے ا ب پ ت ٹ ث ج چ ح خ د ڈ ذ ر ڑ ز ژ س ش ص ض ط ظ ع غ ف ق ک گ ل م ن و ہ ی ے ا ب پ ت ٹ ث ج چ ح خ د ڈ ذ ر ڑ ز ژ س ش ص ض ط ظ ع غ ف ق ک گ ل م ن و ہ ی ے ا ب پ ت ٹ ث ج چ ح خ د ڈ ذ ر ڑ ز ژ س
TENDER NOTICE

The Executive Engineer (Building) CWPP&H Department District Shaheed Sikandar Abad invites sealed tender based on composite schedule of rates,2023 G.O. B amended up to date from interested contractors/firms for the work listed below BSDI Works Earnest Money 2% and Time limit 30-06-26

S.No	Name of work	E/Cost
1.	PROVISION OF EQUIPMENT'S FOR IT LAB IN GOVT GIRLS HIGH SCHOOL SURAB BEMIS CODE 03114 TSE-2526028B7741	5.900 M

The procurement shall be carried out in accordance with Baluchistan Public Procurement Regulatory Authority rules, 2014. BASIC ELIGIBILITY: The Contractor must have valid registration with tax authorities' i.e. ( GST NTN, Sales Tax Department and Balochistan Revenue Authority), where applicable. Turnover last three years showing financial capacity of the firm. The bidder must have completed 2 Assignment of similar nature of work Affidavit of no Litigation Non- Black Listing history where decision went against the firm. The contractor must produce an cash certificate duly attested by oath commissioner narrating that all the supporting documents attached with bid are not fake, in case if any document at any stage of the contract found fake. The action will be taken against the firm and its owner. METHOD OF PROCUREMENT: National Competitive Bidding Procedure: Single stage – TWO envelope bidding procedure. BIDDING/TENDER DOCUMENTS: Issuance: The contractor/firm having registered with PEC in aforementioned category in relevant discipline can obtained bidding document from the addressed mentioned below on production of green challan form for an amount of Rs. 1500/(Non Refundable) deposited in the head of account C-0276 through Government treasury/ National Bank Pakistan or can be downloaded from website of BPPRA, from the date of publication of this invitation on the website of BPPRA till one day prior to the last date of submission. The contractor/firm who obtained bidding document by downloading them from BPPRA website will also be required to produce deposited green challan from above mentioned fee. The document if requested by mail will be promptly dispatched by registered mail for which cost of mail will be by the applicant, however, under no circumstances the procuring agency will be held responsible for late delivery or loss of document so mailed. Earnest money as mentioned above should be submitted in the form of bank guarantee or deposited at call from a scheduled Bank. Dead Line Of submission: The bidding documents duly filled and attached with copies of supporting documents must be delivered in sealed envelopes by hand or through registered mail to the address mentioned below on or before 18-03-2026 at 11:00 AM. Opening: The tender document will be opened on 18-03-2026 at 12:00 PM, before procurement committee in the presence of the contractors or their authorized representative. Address: Office of The Deputy Commissioner Shaheed Sikandarabad Surab Tel:084-4421400 Email Address: chakarrafiq1985@gmail.com Term and conditions are mentioned (incorporated) in detailed in bidding documents. Procuring agency may cancel the bidding process at any time prior to acceptance of bid or proposal as per provision of BPPRA Rules, 2014.

PRQ No.3982/02-03-2026
Executive Engineer(Buildings) CWPP&H Department District Shaheed Sikandarabad
www.dpr.gob.pk	@dpr_gob	dpr.gob	@dprbalochistan
